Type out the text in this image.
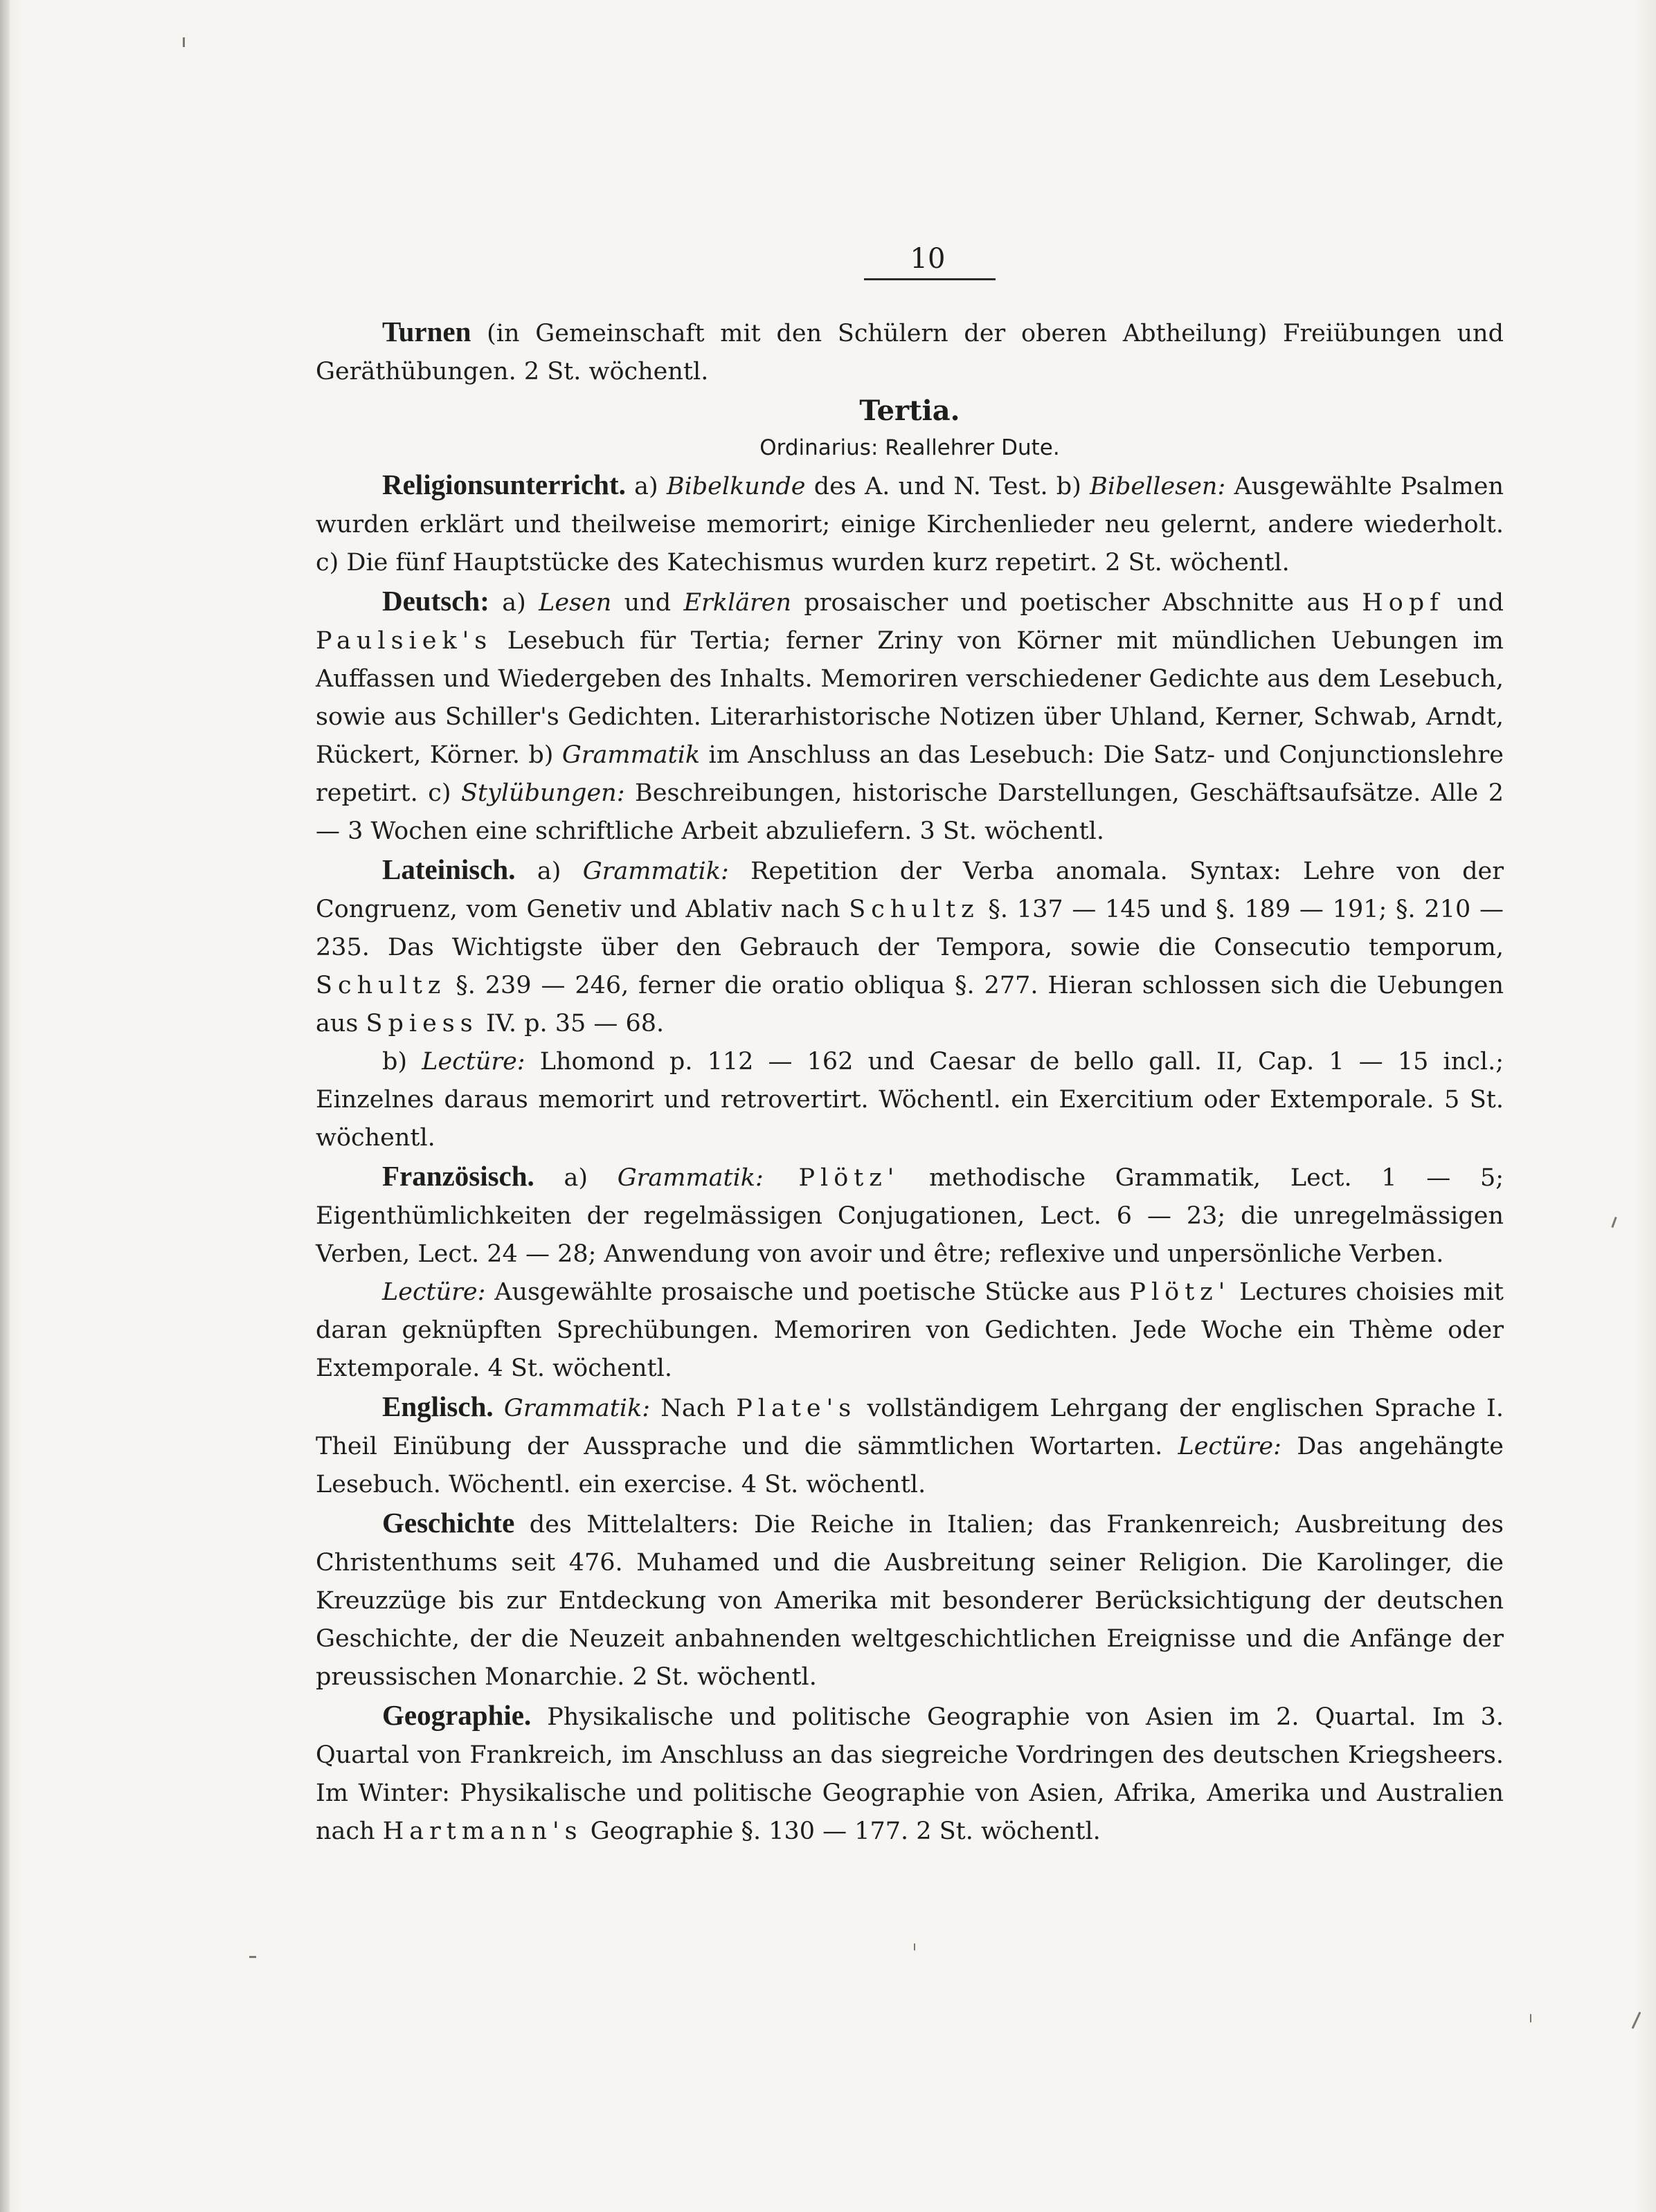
10

Turnen (in Gemeinschaft mit den Schülern der oberen Abtheilung) Freiübungen und Geräthübungen. 2 St. wöchentl.

Tertia.
Ordinarius: Reallehrer Dute.

Religionsunterricht. a) Bibelkunde des A. und N. Test. b) Bibellesen: Ausgewählte Psalmen wurden erklärt und theilweise memorirt; einige Kirchenlieder neu gelernt, andere wiederholt. c) Die fünf Hauptstücke des Katechismus wurden kurz repetirt. 2 St. wöchentl.

Deutsch: a) Lesen und Erklären prosaischer und poetischer Abschnitte aus Hopf und Paulsiek's Lesebuch für Tertia; ferner Zriny von Körner mit mündlichen Uebungen im Auffassen und Wiedergeben des Inhalts. Memoriren verschiedener Gedichte aus dem Lesebuch, sowie aus Schiller's Gedichten. Literarhistorische Notizen über Uhland, Kerner, Schwab, Arndt, Rückert, Körner. b) Grammatik im Anschluss an das Lesebuch: Die Satz- und Conjunctionslehre repetirt. c) Stylübungen: Beschreibungen, historische Darstellungen, Geschäftsaufsätze. Alle 2 — 3 Wochen eine schriftliche Arbeit abzuliefern. 3 St. wöchentl.

Lateinisch. a) Grammatik: Repetition der Verba anomala. Syntax: Lehre von der Congruenz, vom Genetiv und Ablativ nach Schultz §. 137 — 145 und §. 189 — 191; §. 210 — 235. Das Wichtigste über den Gebrauch der Tempora, sowie die Consecutio temporum, Schultz §. 239 — 246, ferner die oratio obliqua §. 277. Hieran schlossen sich die Uebungen aus Spiess IV. p. 35 — 68.

b) Lectüre: Lhomond p. 112 — 162 und Caesar de bello gall. II, Cap. 1 — 15 incl.; Einzelnes daraus memorirt und retrovertirt. Wöchentl. ein Exercitium oder Extemporale. 5 St. wöchentl.

Französisch. a) Grammatik: Plötz' methodische Grammatik, Lect. 1 — 5; Eigenthümlichkeiten der regelmässigen Conjugationen, Lect. 6 — 23; die unregelmässigen Verben, Lect. 24 — 28; Anwendung von avoir und être; reflexive und unpersönliche Verben.

Lectüre: Ausgewählte prosaische und poetische Stücke aus Plötz' Lectures choisies mit daran geknüpften Sprechübungen. Memoriren von Gedichten. Jede Woche ein Thème oder Extemporale. 4 St. wöchentl.

Englisch. Grammatik: Nach Plate's vollständigem Lehrgang der englischen Sprache I. Theil Einübung der Aussprache und die sämmtlichen Wortarten. Lectüre: Das angehängte Lesebuch. Wöchentl. ein exercise. 4 St. wöchentl.

Geschichte des Mittelalters: Die Reiche in Italien; das Frankenreich; Ausbreitung des Christenthums seit 476. Muhamed und die Ausbreitung seiner Religion. Die Karolinger, die Kreuzzüge bis zur Entdeckung von Amerika mit besonderer Berücksichtigung der deutschen Geschichte, der die Neuzeit anbahnenden weltgeschichtlichen Ereignisse und die Anfänge der preussischen Monarchie. 2 St. wöchentl.

Geographie. Physikalische und politische Geographie von Asien im 2. Quartal. Im 3. Quartal von Frankreich, im Anschluss an das siegreiche Vordringen des deutschen Kriegsheers. Im Winter: Physikalische und politische Geographie von Asien, Afrika, Amerika und Australien nach Hartmann's Geographie §. 130 — 177. 2 St. wöchentl.
